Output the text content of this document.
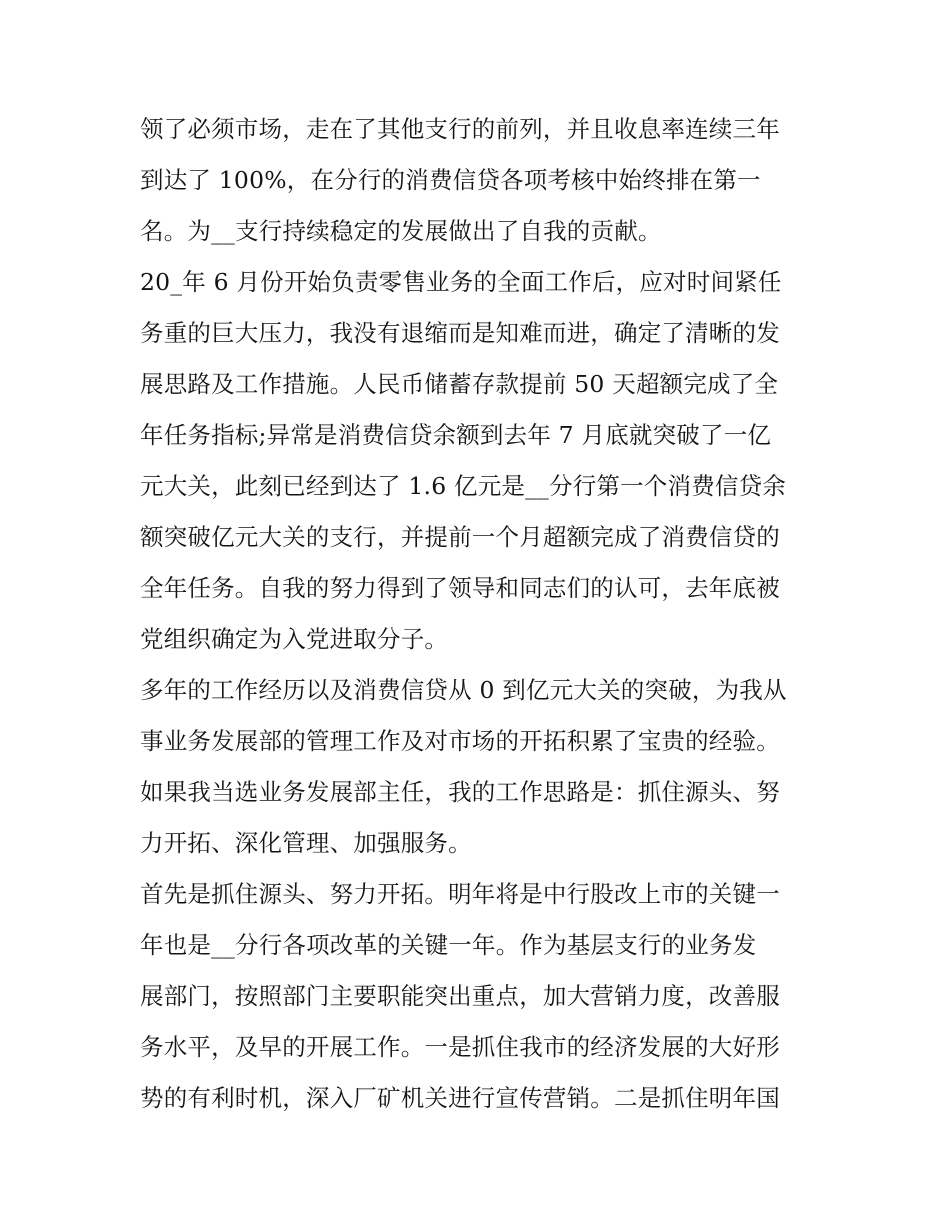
领了必须市场，走在了其他支行的前列，并且收息率连续三年
到达了 100%，在分行的消费信贷各项考核中始终排在第一
名。为__支行持续稳定的发展做出了自我的贡献。
20_年 6 月份开始负责零售业务的全面工作后，应对时间紧任
务重的巨大压力，我没有退缩而是知难而进，确定了清晰的发
展思路及工作措施。人民币储蓄存款提前 50 天超额完成了全
年任务指标;异常是消费信贷余额到去年 7 月底就突破了一亿
元大关，此刻已经到达了 1.6 亿元是__分行第一个消费信贷余
额突破亿元大关的支行，并提前一个月超额完成了消费信贷的
全年任务。自我的努力得到了领导和同志们的认可，去年底被
党组织确定为入党进取分子。
多年的工作经历以及消费信贷从 0 到亿元大关的突破，为我从
事业务发展部的管理工作及对市场的开拓积累了宝贵的经验。
如果我当选业务发展部主任，我的工作思路是：抓住源头、努
力开拓、深化管理、加强服务。
首先是抓住源头、努力开拓。明年将是中行股改上市的关键一
年也是__分行各项改革的关键一年。作为基层支行的业务发
展部门，按照部门主要职能突出重点，加大营销力度，改善服
务水平，及早的开展工作。一是抓住我市的经济发展的大好形
势的有利时机，深入厂矿机关进行宣传营销。二是抓住明年国
